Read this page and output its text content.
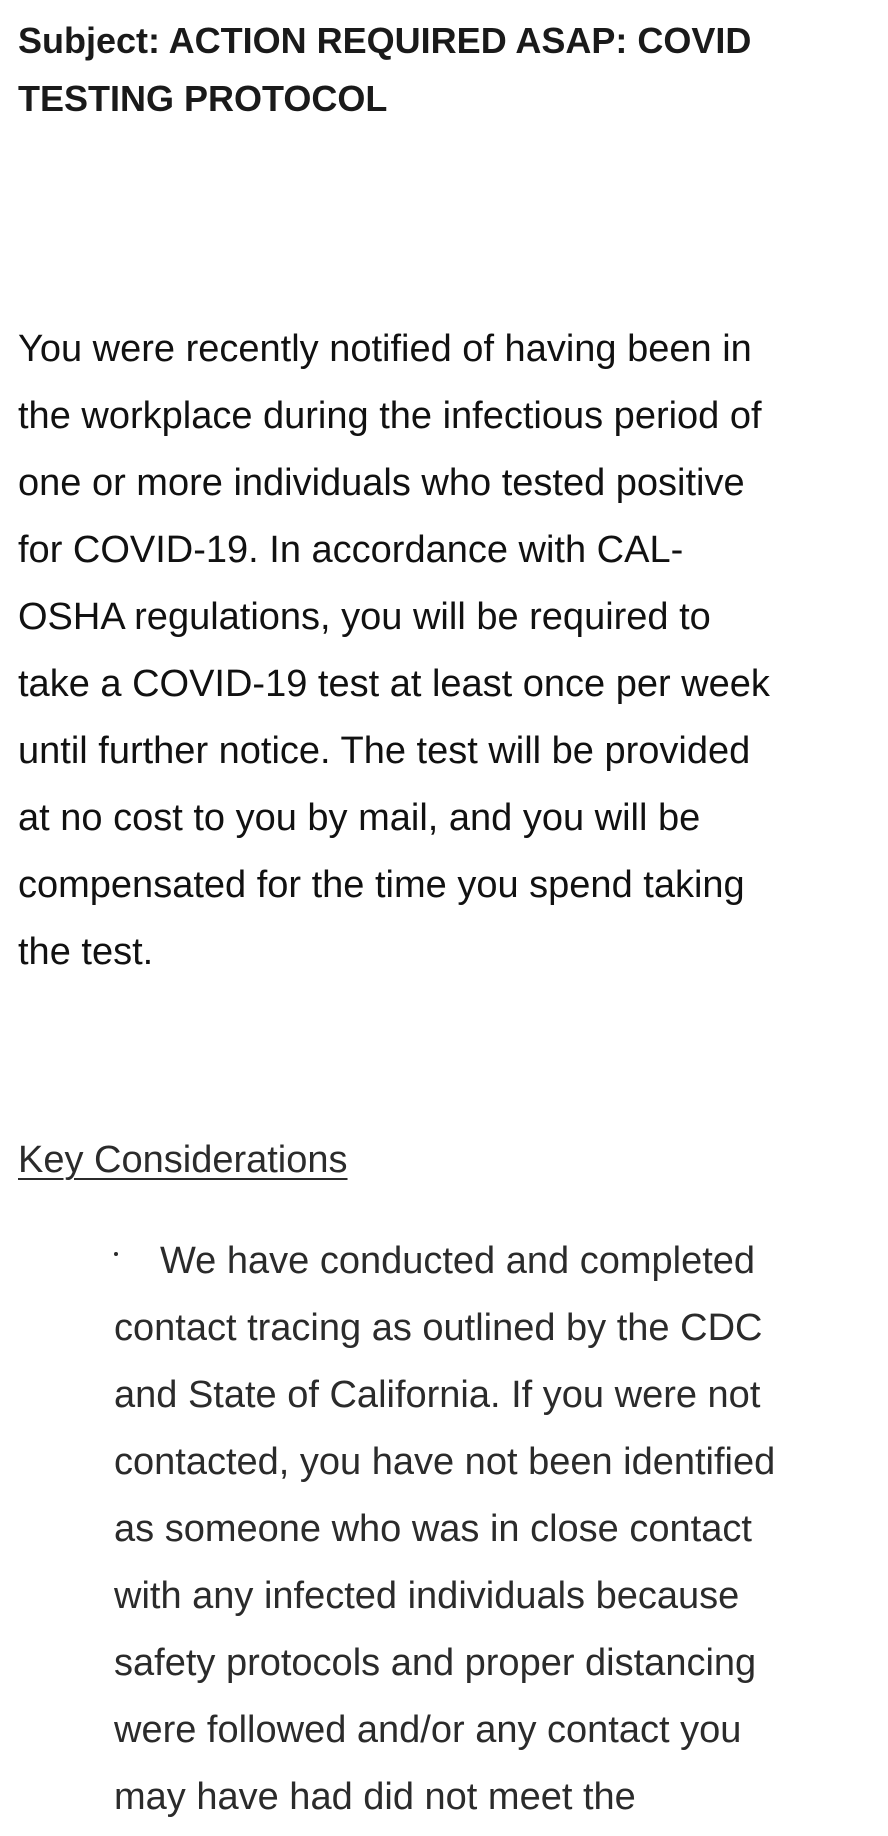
Subject: ACTION REQUIRED ASAP: COVID
TESTING PROTOCOL

You were recently notified of having been in
the workplace during the infectious period of
one or more individuals who tested positive
for COVID-19. In accordance with CAL-
OSHA regulations, you will be required to
take a COVID-19 test at least once per week
until further notice. The test will be provided
at no cost to you by mail, and you will be
compensated for the time you spend taking
the test.

Key Considerations

We have conducted and completed
contact tracing as outlined by the CDC
and State of California. If you were not
contacted, you have not been identified
as someone who was in close contact
with any infected individuals because
safety protocols and proper distancing
were followed and/or any contact you
may have had did not meet the
